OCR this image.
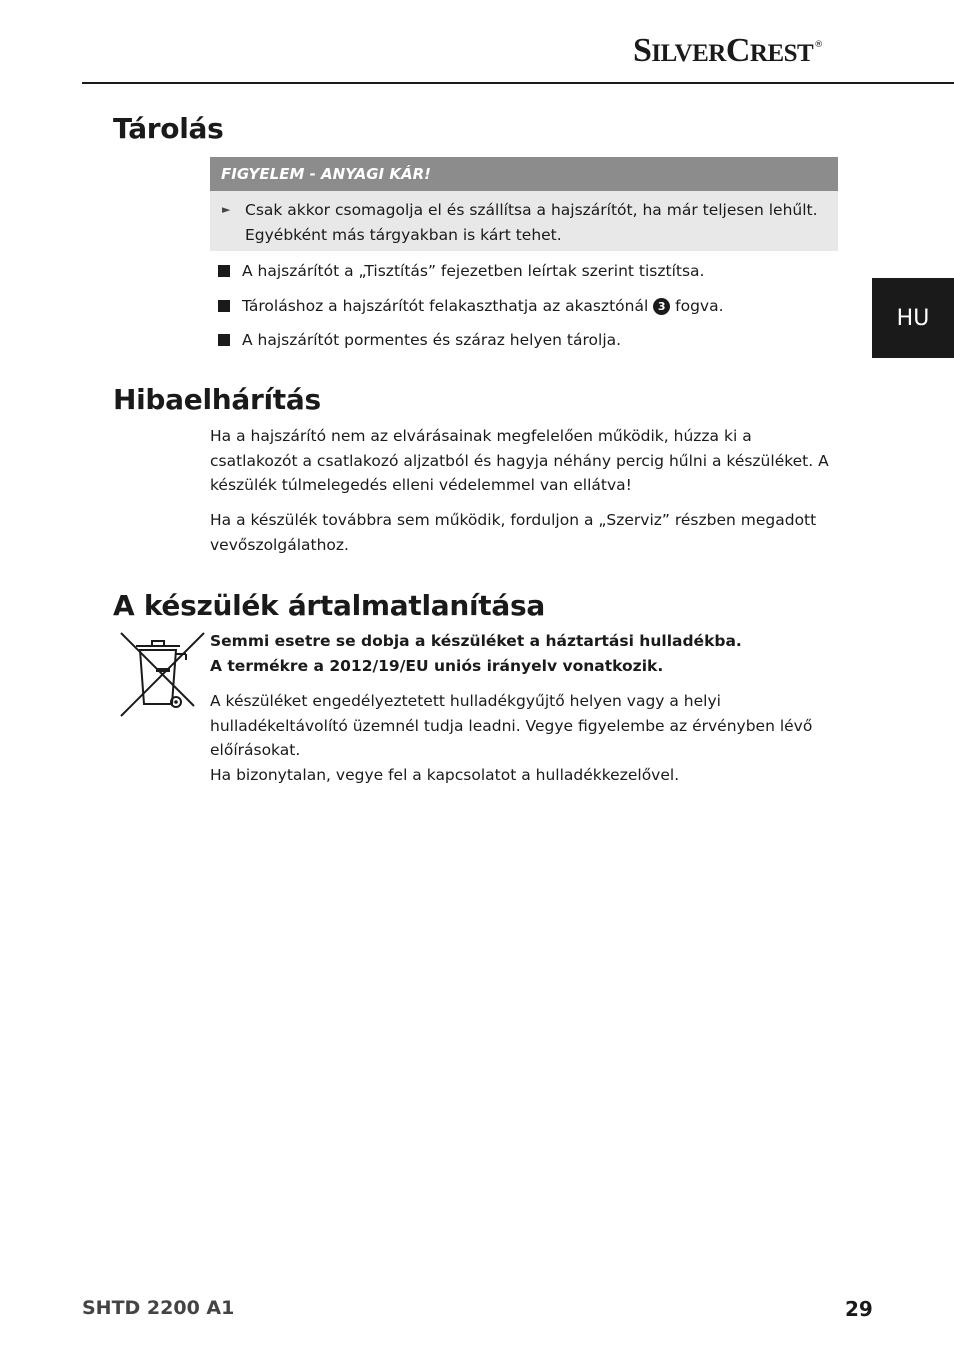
SILVERCREST®
HU
Tárolás
FIGYELEM - ANYAGI KÁR!
► Csak akkor csomagolja el és szállítsa a hajszárítót, ha már teljesen lehűlt. Egyébként más tárgyakban is kárt tehet.
A hajszárítót a „Tisztítás” fejezetben leírtak szerint tisztítsa.
Tároláshoz a hajszárítót felakaszthatja az akasztónál 3 fogva.
A hajszárítót pormentes és száraz helyen tárolja.
Hibaelhárítás

Ha a hajszárító nem az elvárásainak megfelelően működik, húzza ki a csatlakozót a csatlakozó aljzatból és hagyja néhány percig hűlni a készüléket. A készülék túlmelegedés elleni védelemmel van ellátva!

Ha a készülék továbbra sem működik, forduljon a „Szerviz” részben megadott vevőszolgálathoz.

A készülék ártalmatlanítása

Semmi esetre se dobja a készüléket a háztartási hulladékba.
A termékre a 2012/19/EU uniós irányelv vonatkozik.

A készüléket engedélyeztetett hulladékgyűjtő helyen vagy a helyi hulladékeltávolító üzemnél tudja leadni. Vegye figyelembe az érvényben lévő előírásokat.
Ha bizonytalan, vegye fel a kapcsolatot a hulladékkezelővel.

SHTD 2200 A1	29
